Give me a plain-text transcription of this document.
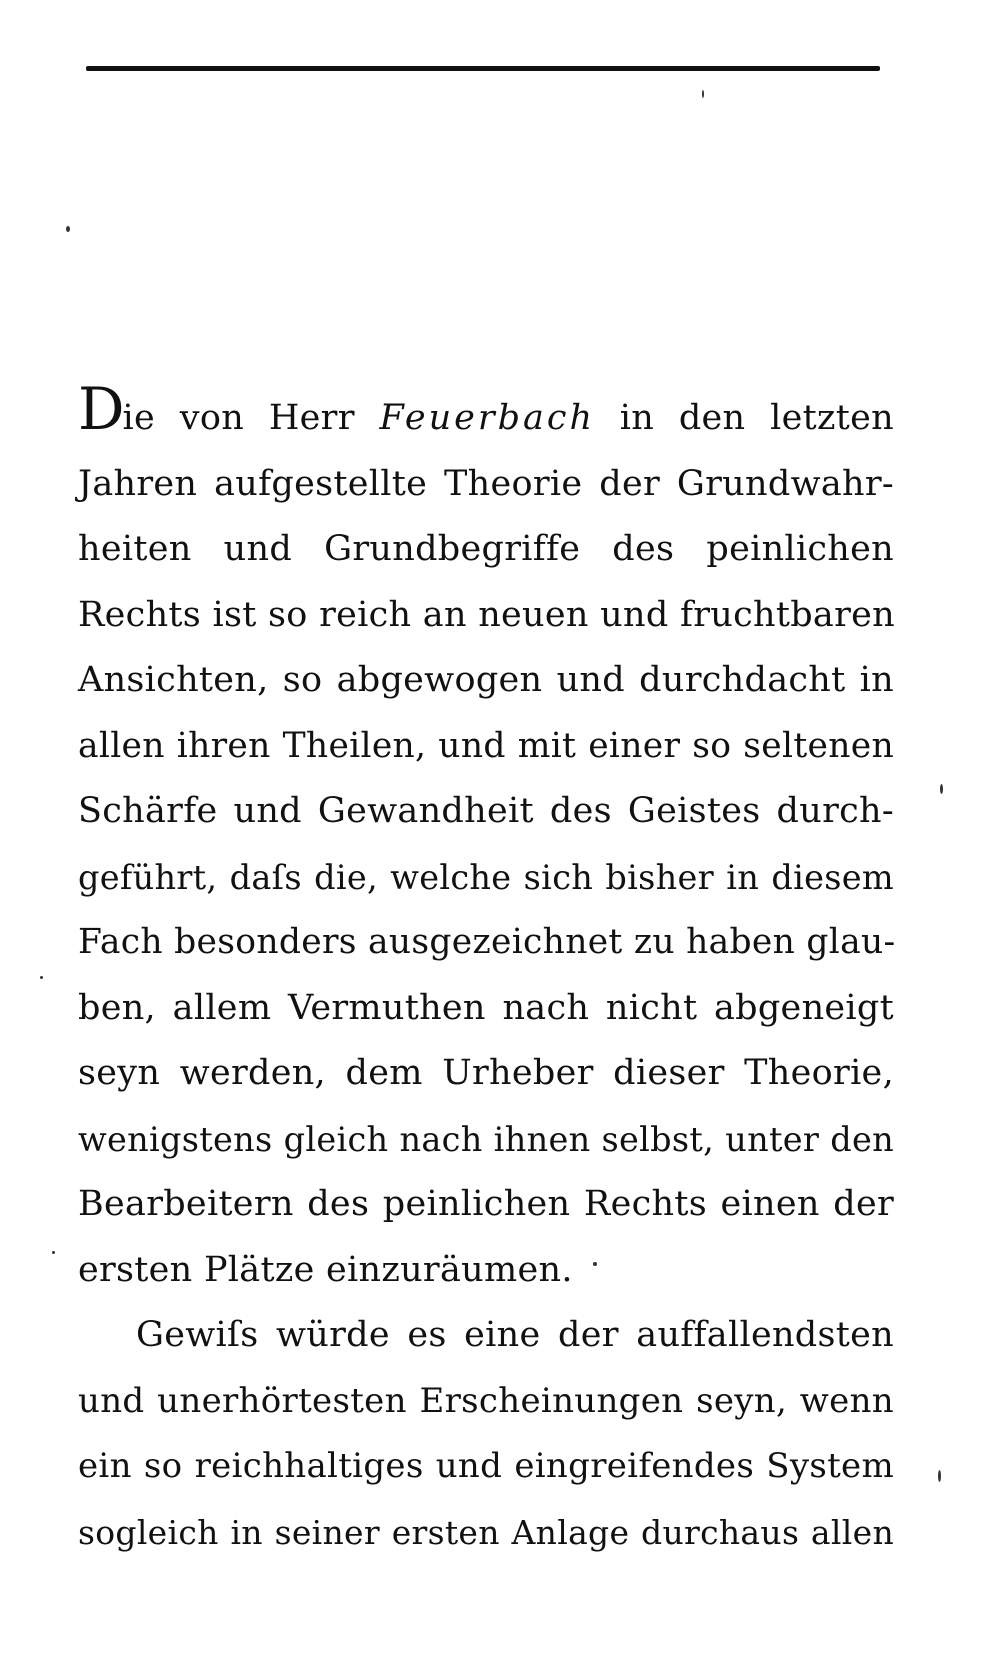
Die von Herr Feuerbach in den letzten
Jahren aufgestellte Theorie der Grundwahr-
heiten und Grundbegriffe des peinlichen
Rechts ist so reich an neuen und fruchtbaren
Ansichten, so abgewogen und durchdacht in
allen ihren Theilen, und mit einer so seltenen
Schärfe und Gewandheit des Geistes durch-
geführt, daſs die, welche sich bisher in diesem
Fach besonders ausgezeichnet zu haben glau-
ben, allem Vermuthen nach nicht abgeneigt
seyn werden, dem Urheber dieser Theorie,
wenigstens gleich nach ihnen selbst, unter den
Bearbeitern des peinlichen Rechts einen der
ersten Plätze einzuräumen.
Gewiſs würde es eine der auffallendsten
und unerhörtesten Erscheinungen seyn, wenn
ein so reichhaltiges und eingreifendes System
sogleich in seiner ersten Anlage durchaus allen
